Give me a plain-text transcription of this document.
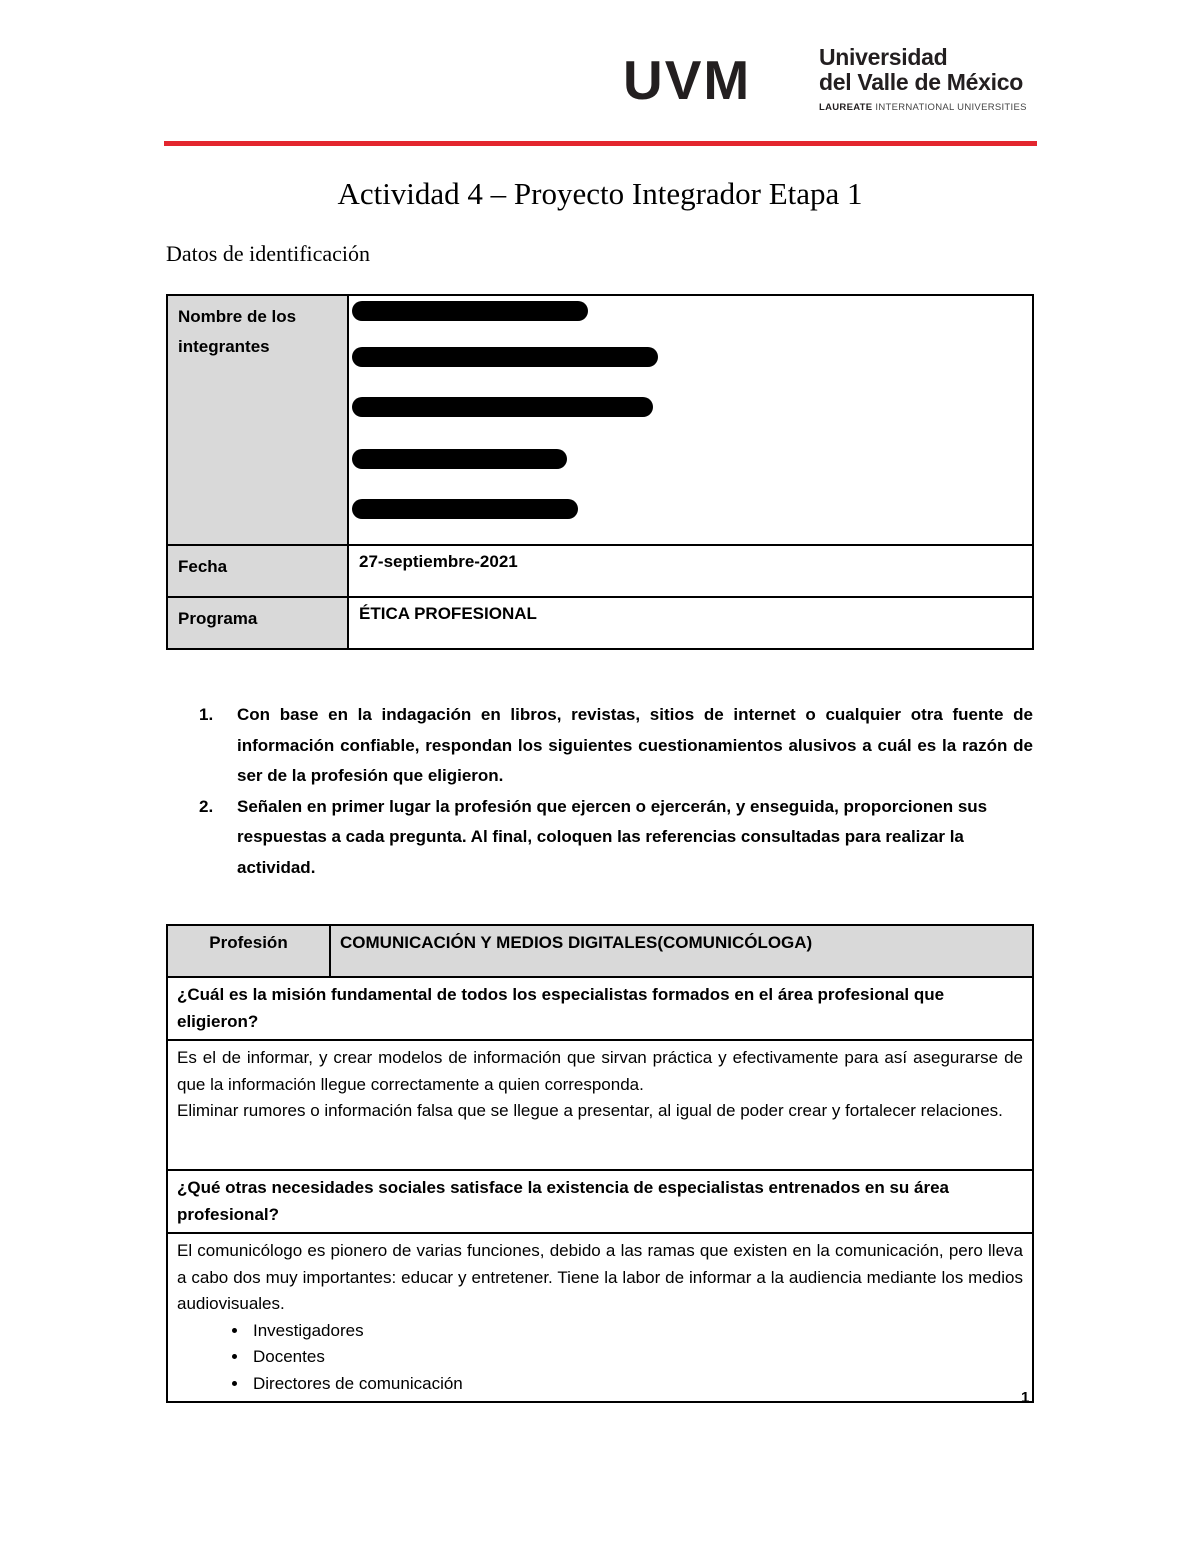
UVM	Universidad
del Valle de México
LAUREATE INTERNATIONAL UNIVERSITIES
Actividad 4 – Proyecto Integrador Etapa 1
Datos de identificación
Nombre de los integrantes	
Fecha	27-septiembre-2021
Programa	ÉTICA PROFESIONAL
1. Con base en la indagación en libros, revistas, sitios de internet o cualquier otra fuente de información confiable, respondan los siguientes cuestionamientos alusivos a cuál es la razón de ser de la profesión que eligieron.
2. Señalen en primer lugar la profesión que ejercen o ejercerán, y enseguida, proporcionen sus respuestas a cada pregunta. Al final, coloquen las referencias consultadas para realizar la actividad.
Profesión	COMUNICACIÓN Y MEDIOS DIGITALES(COMUNICÓLOGA)
¿Cuál es la misión fundamental de todos los especialistas formados en el área profesional que eligieron?

Es el de informar, y crear modelos de información que sirvan práctica y efectivamente para así asegurarse de que la información llegue correctamente a quien corresponda.
Eliminar rumores o información falsa que se llegue a presentar, al igual de poder crear y fortalecer relaciones.

¿Qué otras necesidades sociales satisface la existencia de especialistas entrenados en su área profesional?

El comunicólogo es pionero de varias funciones, debido a las ramas que existen en la comunicación, pero lleva a cabo dos muy importantes: educar y entretener. Tiene la labor de informar a la audiencia mediante los medios audiovisuales.
• Investigadores
• Docentes
• Directores de comunicación
1
